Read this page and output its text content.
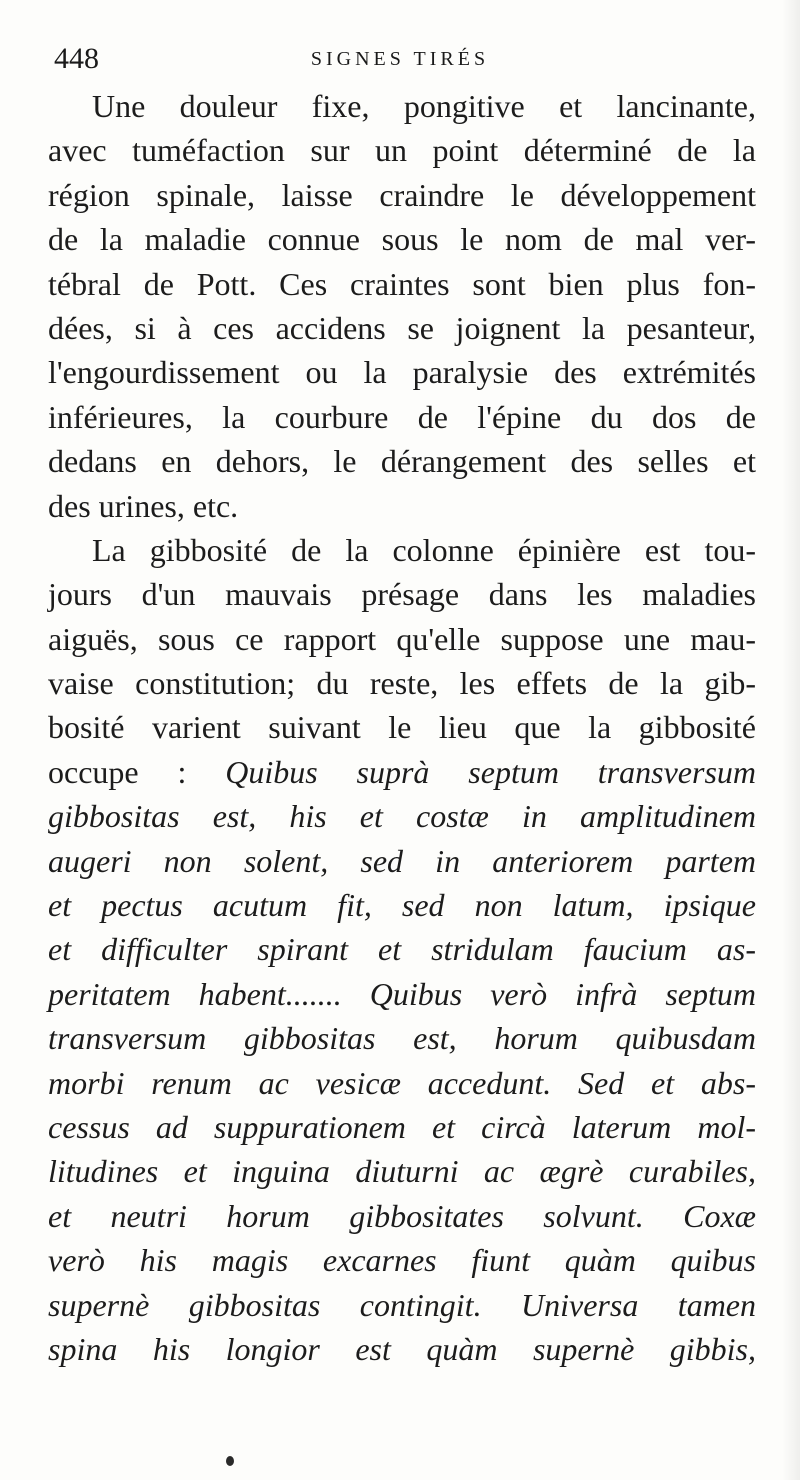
448	SIGNES TIRÉS
Une douleur fixe, pongitive et lancinante,
avec tuméfaction sur un point déterminé de la
région spinale, laisse craindre le développement
de la maladie connue sous le nom de mal ver-
tébral de Pott. Ces craintes sont bien plus fon-
dées, si à ces accidens se joignent la pesanteur,
l'engourdissement ou la paralysie des extrémités
inférieures, la courbure de l'épine du dos de
dedans en dehors, le dérangement des selles et
des urines, etc.
La gibbosité de la colonne épinière est tou-
jours d'un mauvais présage dans les maladies
aiguës, sous ce rapport qu'elle suppose une mau-
vaise constitution; du reste, les effets de la gib-
bosité varient suivant le lieu que la gibbosité
occupe : Quibus suprà septum transversum
gibbositas est, his et costæ in amplitudinem
augeri non solent, sed in anteriorem partem
et pectus acutum fit, sed non latum, ipsique
et difficulter spirant et stridulam faucium as-
peritatem habent....... Quibus verò infrà septum
transversum gibbositas est, horum quibusdam
morbi renum ac vesicæ accedunt. Sed et abs-
cessus ad suppurationem et circà laterum mol-
litudines et inguina diuturni ac ægrè curabiles,
et neutri horum gibbositates solvunt. Coxæ
verò his magis excarnes fiunt quàm quibus
supernè gibbositas contingit. Universa tamen
spina his longior est quàm supernè gibbis,
